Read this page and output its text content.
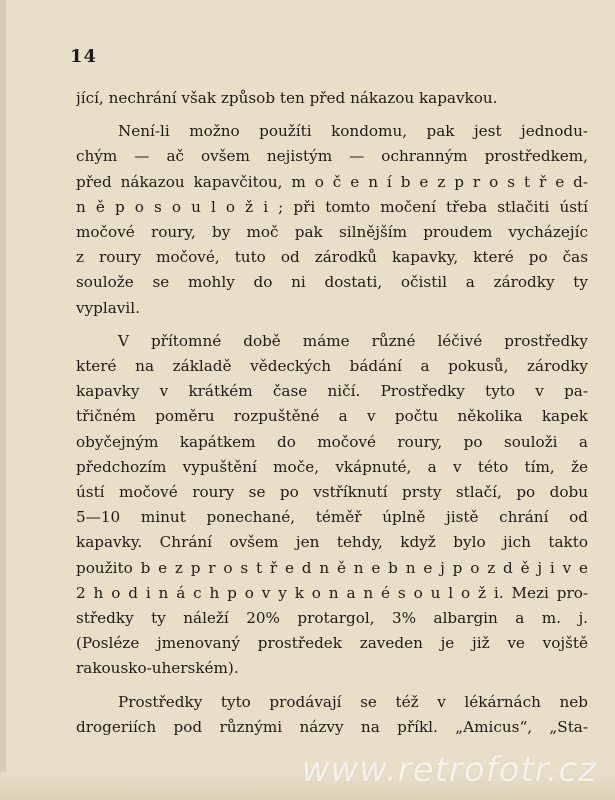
14
jící, nechrání však způsob ten před nákazou kapavkou.
Není-li možno použíti kondomu, pak jest jednodu-
chým — ač ovšem nejistým — ochranným prostředkem,
před nákazou kapavčitou, m o č e n í b e z p r o s t ř e d-
n ě p o s o u l o ž i ; při tomto močení třeba stlačiti ústí
močové roury, by moč pak silnějším proudem vycházejíc
z roury močové, tuto od zárodků kapavky, které po čas
soulože se mohly do ni dostati, očistil a zárodky ty
vyplavil.
V přítomné době máme různé léčivé prostředky
které na základě vědeckých bádání a pokusů, zárodky
kapavky v krátkém čase ničí. Prostředky tyto v pa-
třičném poměru rozpuštěné a v počtu několika kapek
obyčejným kapátkem do močové roury, po souloži a
předchozím vypuštění moče, vkápnuté, a v této tím, že
ústí močové roury se po vstříknutí prsty stlačí, po dobu
5—10 minut ponechané, téměř úplně jistě chrání od
kapavky. Chrání ovšem jen tehdy, když bylo jich takto
použito b e z p r o s t ř e d n ě n e b n e j p o z d ě j i v e
2 h o d i n á c h p o v y k o n a n é s o u l o ž i. Mezi pro-
středky ty náleží 20% protargol, 3% albargin a m. j.
(Posléze jmenovaný prostředek zaveden je již ve vojště
rakousko-uherském).
Prostředky tyto prodávají se též v lékárnách neb
drogeriích pod různými názvy na příkl. „Amicus“, „Sta-
www.retrofotr.cz
